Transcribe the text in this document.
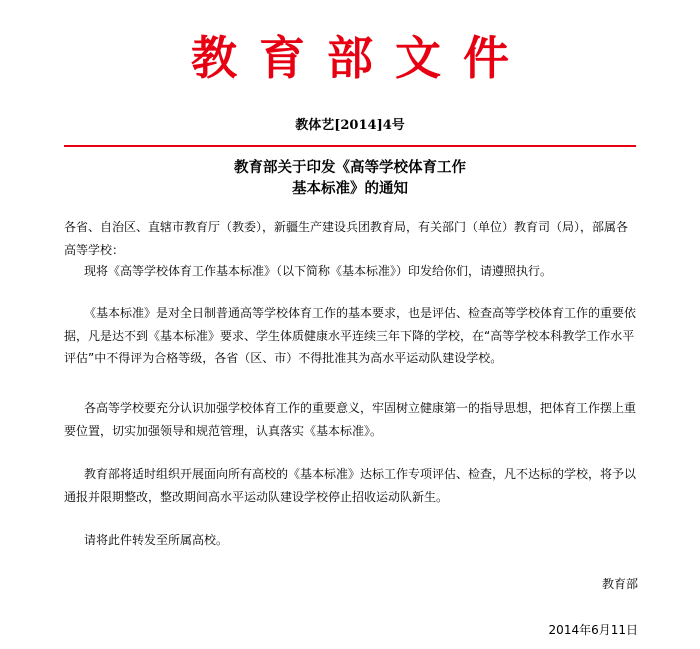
教育部文件
教体艺[2014]4号
教育部关于印发《高等学校体育工作
基本标准》的通知

各省、自治区、直辖市教育厅（教委），新疆生产建设兵团教育局，有关部门（单位）教育司（局），部属各高等学校：

现将《高等学校体育工作基本标准》（以下简称《基本标准》）印发给你们，请遵照执行。

《基本标准》是对全日制普通高等学校体育工作的基本要求，也是评估、检查高等学校体育工作的重要依据，凡是达不到《基本标准》要求、学生体质健康水平连续三年下降的学校，在“高等学校本科教学工作水平评估”中不得评为合格等级，各省（区、市）不得批准其为高水平运动队建设学校。

各高等学校要充分认识加强学校体育工作的重要意义，牢固树立健康第一的指导思想，把体育工作摆上重要位置，切实加强领导和规范管理，认真落实《基本标准》。

教育部将适时组织开展面向所有高校的《基本标准》达标工作专项评估、检查，凡不达标的学校，将予以通报并限期整改，整改期间高水平运动队建设学校停止招收运动队新生。

请将此件转发至所属高校。

教育部
2014年6月11日
